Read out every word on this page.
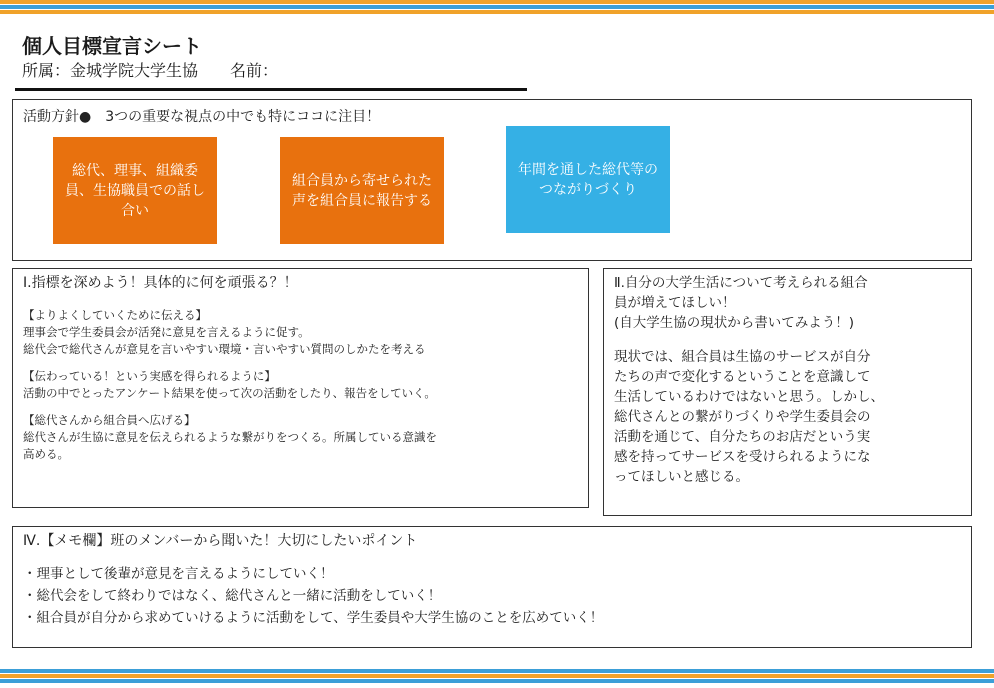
個人目標宣言シート
所属：金城学院大学生協　　名前：
活動方針●　3つの重要な視点の中でも特にココに注目！
総代、理事、組織委員、生協職員での話し合い
組合員から寄せられた声を組合員に報告する
年間を通した総代等のつながりづくり
Ⅰ.指標を深めよう！具体的に何を頑張る？！
【よりよくしていくために伝える】
理事会で学生委員会が活発に意見を言えるように促す。
総代会で総代さんが意見を言いやすい環境・言いやすい質問のしかたを考える
【伝わっている！という実感を得られるように】
活動の中でとったアンケート結果を使って次の活動をしたり、報告をしていく。
【総代さんから組合員へ広げる】
総代さんが生協に意見を伝えられるような繋がりをつくる。所属している意識を
高める。
Ⅱ.自分の大学生活について考えられる組合
員が増えてほしい！
(自大学生協の現状から書いてみよう！)
現状では、組合員は生協のサービスが自分
たちの声で変化するということを意識して
生活しているわけではないと思う。しかし、
総代さんとの繋がりづくりや学生委員会の
活動を通じて、自分たちのお店だという実
感を持ってサービスを受けられるようにな
ってほしいと感じる。
Ⅳ.【メモ欄】班のメンバーから聞いた！大切にしたいポイント
・理事として後輩が意見を言えるようにしていく！
・総代会をして終わりではなく、総代さんと一緒に活動をしていく！
・組合員が自分から求めていけるように活動をして、学生委員や大学生協のことを広めていく！
